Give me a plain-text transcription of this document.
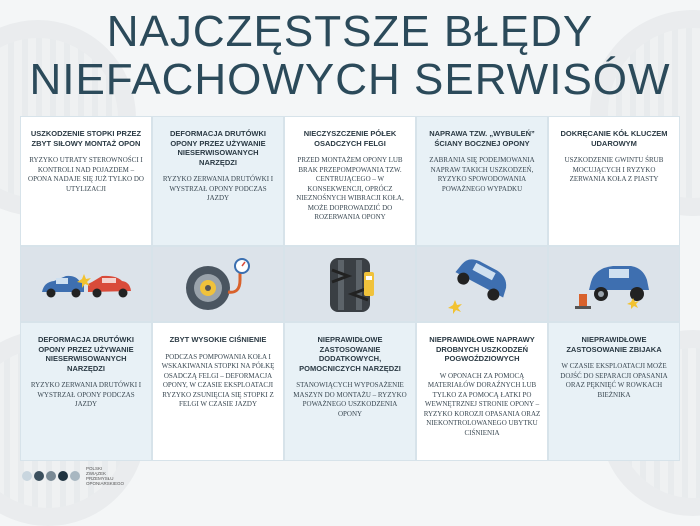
NAJCZĘSTSZE BŁĘDY
NIEFACHOWYCH SERWISÓW
USZKODZENIE STOPKI PRZEZ ZBYT SIŁOWY MONTAŻ OPON
RYZYKO UTRATY STEROWNOŚCI I KONTROLI NAD POJAZDEM – OPONA NADAJE SIĘ JUŻ TYLKO DO UTYLIZACJI
DEFORMACJA DRUTÓWKI OPONY PRZEZ UŻYWANIE NIESERWISOWANYCH NARZĘDZI
RYZYKO ZERWANIA DRUTÓWKI I WYSTRZAŁ OPONY PODCZAS JAZDY
NIECZYSZCZENIE PÓŁEK OSADCZYCH FELGI
PRZED MONTAŻEM OPONY LUB BRAK PRZEPOMPOWANIA TZW. CENTRUJĄCEGO – W KONSEKWENCJI, OPRÓCZ NIEZNOŚNYCH WIBRACJI KOŁA, MOŻE DOPROWADZIĆ DO ROZERWANIA OPONY
NAPRAWA TZW. „WYBULEŃ” ŚCIANY BOCZNEJ OPONY
ZABRANIA SIĘ PODEJMOWANIA NAPRAW TAKICH USZKODZEŃ, RYZYKO SPOWODOWANIA POWAŻNEGO WYPADKU
DOKRĘCANIE KÓŁ KLUCZEM UDAROWYM
USZKODZENIE GWINTU ŚRUB MOCUJĄCYCH I RYZYKO ZERWANIA KOŁA Z PIASTY
DEFORMACJA DRUTÓWKI OPONY PRZEZ UŻYWANIE NIESERWISOWANYCH NARZĘDZI
RYZYKO ZERWANIA DRUTÓWKI I WYSTRZAŁ OPONY PODCZAS JAZDY
ZBYT WYSOKIE CIŚNIENIE
PODCZAS POMPOWANIA KOŁA I WSKAKIWANIA STOPKI NA PÓŁKĘ OSADCZĄ FELGI – DEFORMACJA OPONY, W CZASIE EKSPLOATACJI RYZYKO ZSUNIĘCIA SIĘ STOPKI Z FELGI W CZASIE JAZDY
NIEPRAWIDŁOWE ZASTOSOWANIE DODATKOWYCH, POMOCNICZYCH NARZĘDZI
STANOWIĄCYCH WYPOSAŻENIE MASZYN DO MONTAŻU – RYZYKO POWAŻNEGO USZKODZENIA OPONY
NIEPRAWIDŁOWE NAPRAWY DROBNYCH USZKODZEŃ POGWOŹDZIOWYCH
W OPONACH ZA POMOCĄ MATERIAŁÓW DORAŹNYCH LUB TYLKO ZA POMOCĄ ŁATKI PO WEWNĘTRZNEJ STRONIE OPONY – RYZYKO KOROZJI OPASANIA ORAZ NIEKONTROLOWANEGO UBYTKU CIŚNIENIA
NIEPRAWIDŁOWE ZASTOSOWANIE ZBIJAKA
W CZASIE EKSPLOATACJI MOŻE DOJŚĆ DO SEPARACJI OPASANIA ORAZ PĘKNIĘĆ W ROWKACH BIEŻNIKA
POLSKI
ZWIĄZEK
PRZEMYSŁU
OPONIARSKIEGO
